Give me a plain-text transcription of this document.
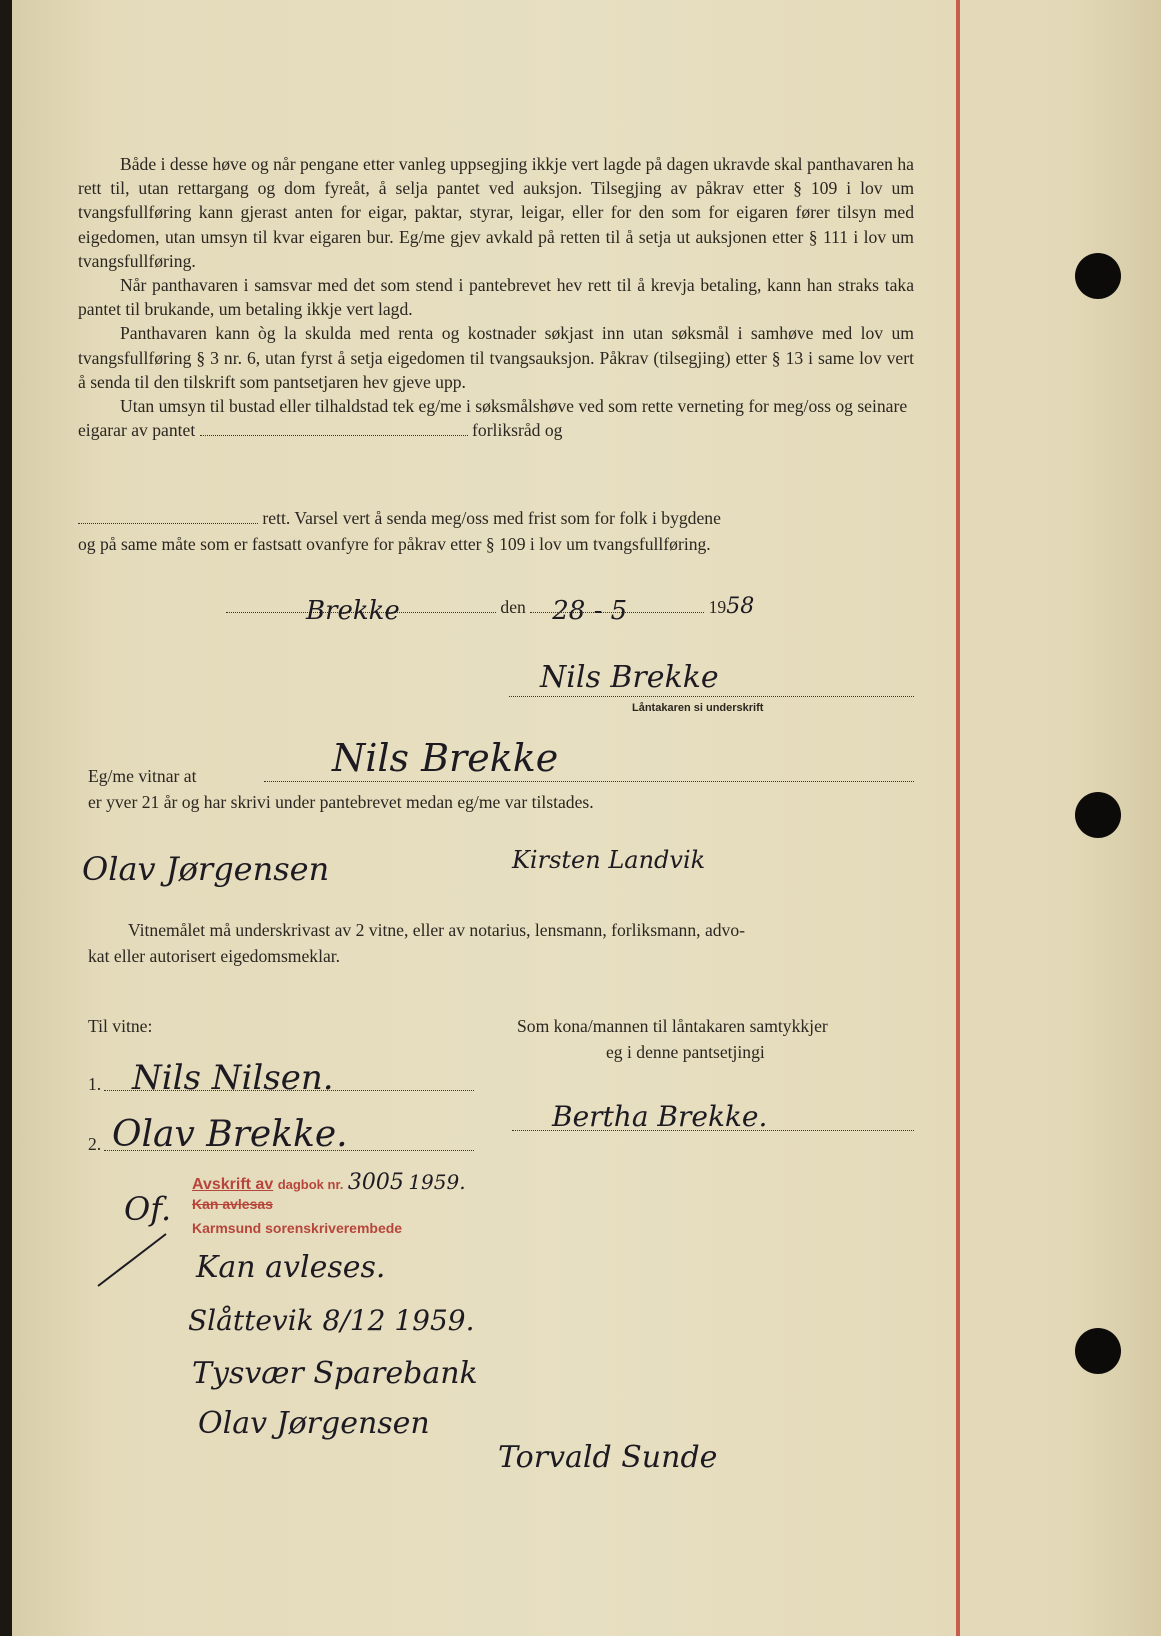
Både i desse høve og når pengane etter vanleg uppsegjing ikkje vert lagde på dagen ukravde skal panthavaren ha rett til, utan rettargang og dom fyreåt, å selja pantet ved auksjon. Tilsegjing av påkrav etter § 109 i lov um tvangsfullføring kann gjerast anten for eigar, paktar, styrar, leigar, eller for den som for eigaren fører tilsyn med eigedomen, utan umsyn til kvar eigaren bur. Eg/me gjev avkald på retten til å setja ut auksjonen etter § 111 i lov um tvangsfullføring.

Når panthavaren i samsvar med det som stend i pantebrevet hev rett til å krevja betaling, kann han straks taka pantet til brukande, um betaling ikkje vert lagd.

Panthavaren kann òg la skulda med renta og kostnader søkjast inn utan søksmål i samhøve med lov um tvangsfullføring § 3 nr. 6, utan fyrst å setja eigedomen til tvangsauksjon. Påkrav (tilsegjing) etter § 13 i same lov vert å senda til den tilskrift som pantsetjaren hev gjeve upp.

Utan umsyn til bustad eller tilhaldstad tek eg/me i søksmålshøve ved som rette verneting for meg/oss og seinare eigarar av pantet	forliksråd og

rett. Varsel vert å senda meg/oss med frist som for folk i bygdene
og på same måte som er fastsatt ovanfyre for påkrav etter § 109 i lov um tvangsfullføring.
Brekke	den 28 - 5	1958
Nils Brekke
Låntakaren si underskrift
Eg/me vitnar at	Nils Brekke
er yver 21 år og har skrivi under pantebrevet medan eg/me var tilstades.
Olav Jørgensen	Kirsten Landvik
Vitnemålet må underskrivast av 2 vitne, eller av notarius, lensmann, forliksmann, advo-
kat eller autorisert eigedomsmeklar.
Til vitne:	Som kona/mannen til låntakaren samtykkjer
eg i denne pantsetjingi
1. Nils Nilsen.
2. Olav Brekke.	Bertha Brekke.
Avskrift av dagbok nr. 3005 1959.
Kan avlesas
Karmsund sorenskriverembede
Of.
Kan avleses.
Slåttevik 8/12 1959.
Tysvær Sparebank
Olav Jørgensen
Torvald Sunde
